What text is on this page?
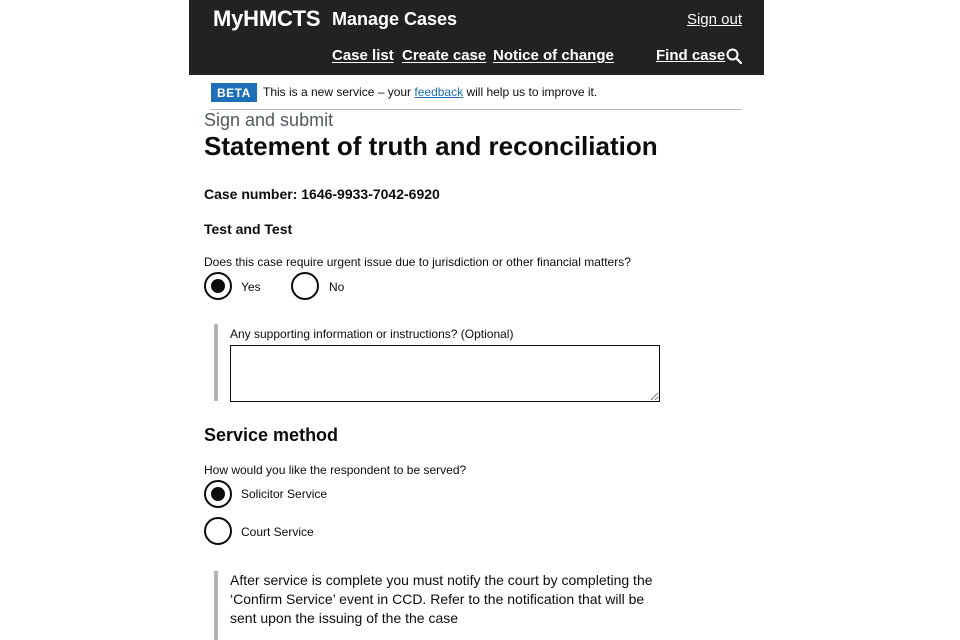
MyHMCTS Manage Cases	Sign out
Case list Create case Notice of change	Find case
BETA	This is a new service – your feedback will help us to improve it.
Sign and submit
Statement of truth and reconciliation
Case number: 1646-9933-7042-6920
Test and Test
Does this case require urgent issue due to jurisdiction or other financial matters?
Yes	No
Any supporting information or instructions? (Optional)
Service method
How would you like the respondent to be served?
Solicitor Service
Court Service
After service is complete you must notify the court by completing the ‘Confirm Service’ event in CCD. Refer to the notification that will be sent upon the issuing of the the case
